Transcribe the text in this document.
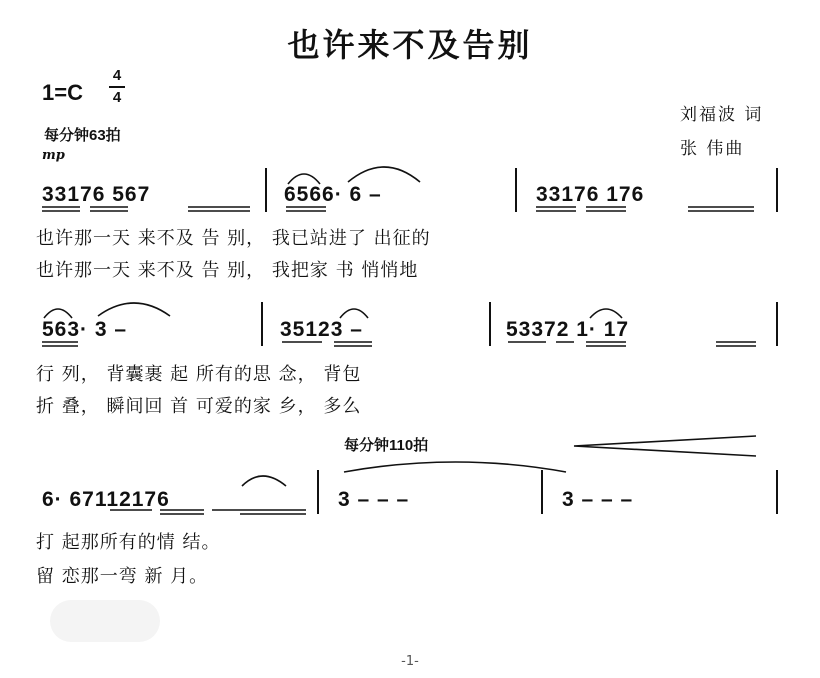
也许来不及告别
1=C
4
4
每分钟63拍
mp
刘福波 词
张 伟曲
33176 567	6566· 6 –	33176 176
也许那一天 来不及 告 别， 我已站进了 出征的
也许那一天 来不及 告 别， 我把家 书 悄悄地
563· 3 –	35123 –	53372 1· 17
行 列， 背囊裹 起 所有的思 念， 背包
折 叠， 瞬间回 首 可爱的家 乡， 多么
每分钟110拍
6· 67112176	3 – – –	3 – – –
打 起那所有的情 结。
留 恋那一弯 新 月。
-1-
